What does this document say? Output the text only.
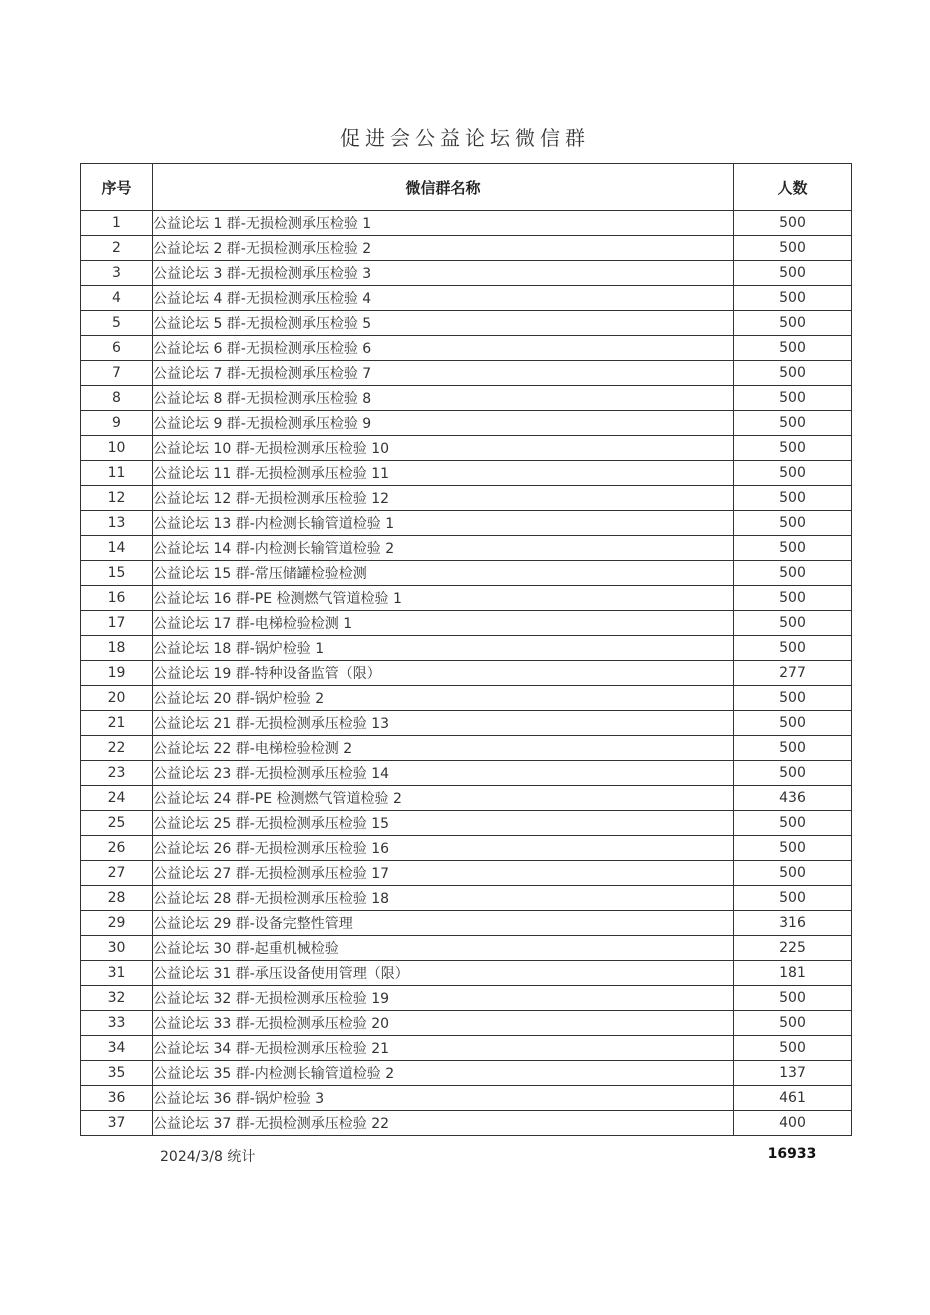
促进会公益论坛微信群
序号	微信群名称	人数
1	公益论坛 1 群-无损检测承压检验 1	500
2	公益论坛 2 群-无损检测承压检验 2	500
3	公益论坛 3 群-无损检测承压检验 3	500
4	公益论坛 4 群-无损检测承压检验 4	500
5	公益论坛 5 群-无损检测承压检验 5	500
6	公益论坛 6 群-无损检测承压检验 6	500
7	公益论坛 7 群-无损检测承压检验 7	500
8	公益论坛 8 群-无损检测承压检验 8	500
9	公益论坛 9 群-无损检测承压检验 9	500
10	公益论坛 10 群-无损检测承压检验 10	500
11	公益论坛 11 群-无损检测承压检验 11	500
12	公益论坛 12 群-无损检测承压检验 12	500
13	公益论坛 13 群-内检测长输管道检验 1	500
14	公益论坛 14 群-内检测长输管道检验 2	500
15	公益论坛 15 群-常压储罐检验检测	500
16	公益论坛 16 群-PE 检测燃气管道检验 1	500
17	公益论坛 17 群-电梯检验检测 1	500
18	公益论坛 18 群-锅炉检验 1	500
19	公益论坛 19 群-特种设备监管（限）	277
20	公益论坛 20 群-锅炉检验 2	500
21	公益论坛 21 群-无损检测承压检验 13	500
22	公益论坛 22 群-电梯检验检测 2	500
23	公益论坛 23 群-无损检测承压检验 14	500
24	公益论坛 24 群-PE 检测燃气管道检验 2	436
25	公益论坛 25 群-无损检测承压检验 15	500
26	公益论坛 26 群-无损检测承压检验 16	500
27	公益论坛 27 群-无损检测承压检验 17	500
28	公益论坛 28 群-无损检测承压检验 18	500
29	公益论坛 29 群-设备完整性管理	316
30	公益论坛 30 群-起重机械检验	225
31	公益论坛 31 群-承压设备使用管理（限）	181
32	公益论坛 32 群-无损检测承压检验 19	500
33	公益论坛 33 群-无损检测承压检验 20	500
34	公益论坛 34 群-无损检测承压检验 21	500
35	公益论坛 35 群-内检测长输管道检验 2	137
36	公益论坛 36 群-锅炉检验 3	461
37	公益论坛 37 群-无损检测承压检验 22	400
2024/3/8 统计	16933
